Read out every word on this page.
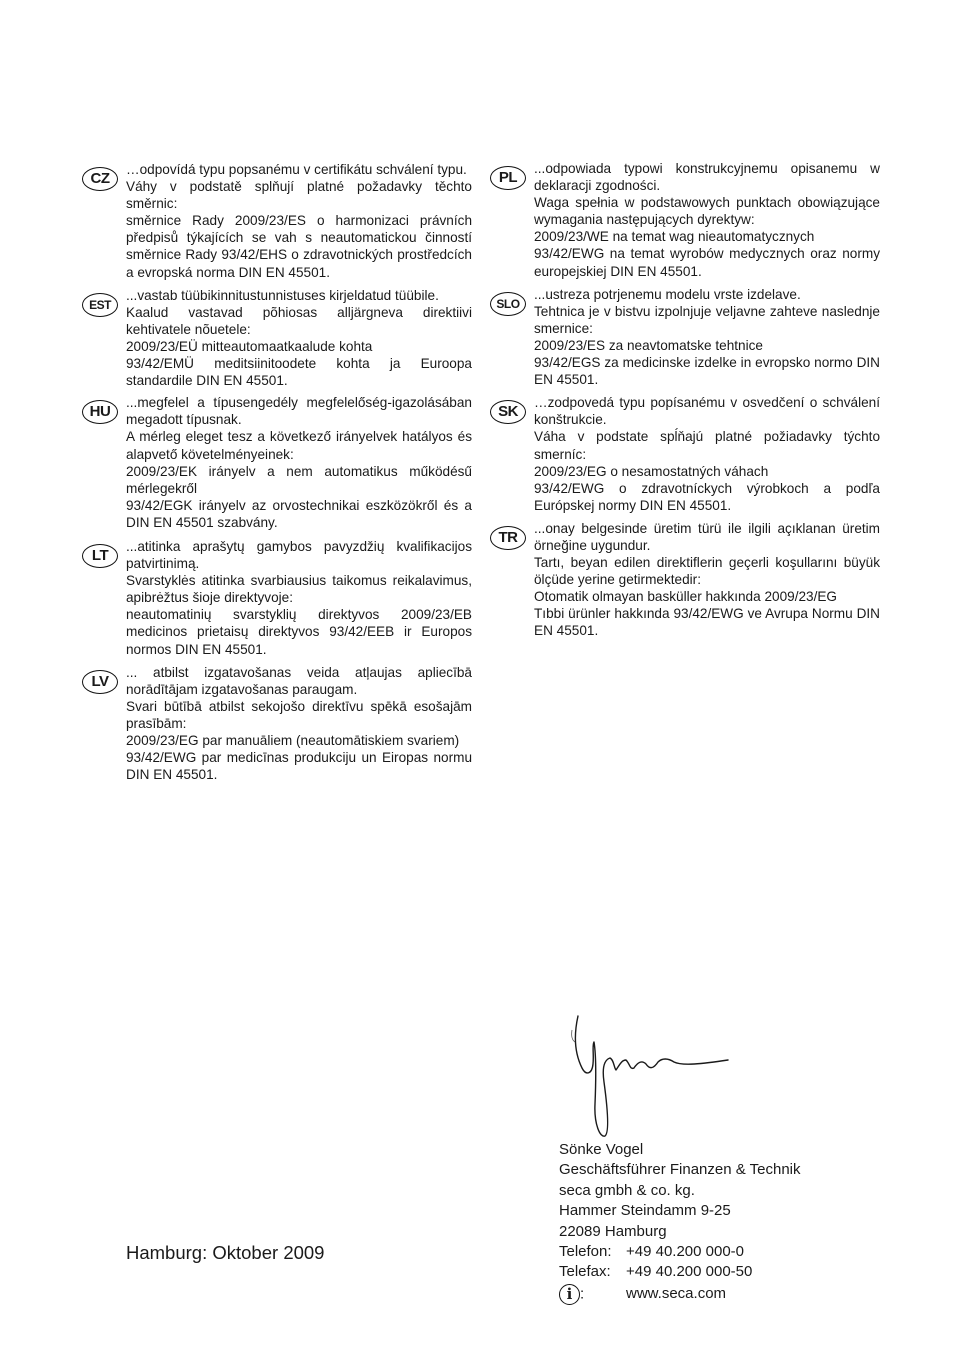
CZ

…odpovídá typu popsanému v certifikátu schválení typu.

Váhy v podstatě splňují platné požadavky těchto směrnic:

směrnice Rady 2009/23/ES o harmonizaci právních předpisů týkajících se vah s neautomatickou činností směrnice Rady 93/42/EHS o zdravotnických prostředcích a evropská norma DIN EN 45501.

EST

...vastab tüübikinnitustunnistuses kirjeldatud tüübile.

Kaalud vastavad põhiosas alljärgneva direktiivi kehtivatele nõuetele:

2009/23/EÜ mitteautomaatkaalude kohta

93/42/EMÜ meditsiinitoodete kohta ja Euroopa standardile DIN EN 45501.

HU

...megfelel a típusengedély megfelelőség-igazolásában megadott típusnak.

A mérleg eleget tesz a következő irányelvek hatályos és alapvető követelményeinek:

2009/23/EK irányelv a nem automatikus működésű mérlegekről

93/42/EGK irányelv az orvostechnikai eszközökről és a DIN EN 45501 szabvány.

LT

...atitinka aprašytų gamybos pavyzdžių kvalifikacijos patvirtinimą.

Svarstyklės atitinka svarbiausius taikomus reikalavimus, apibrėžtus šioje direktyvoje:

neautomatinių svarstyklių direktyvos 2009/23/EB medicinos prietaisų direktyvos 93/42/EEB ir Europos normos DIN EN 45501.

LV

... atbilst izgatavošanas veida atļaujas apliecībā norādītājam izgatavošanas paraugam.

Svari būtībā atbilst sekojošo direktīvu spēkā esošajām prasībām:

2009/23/EG par manuāliem (neautomātiskiem svariem)

93/42/EWG par medicīnas produkciju un Eiropas normu DIN EN 45501.

PL

...odpowiada typowi konstrukcyjnemu opisanemu w deklaracji zgodności.

Waga spełnia w podstawowych punktach obowiązujące wymagania następujących dyrektyw:

2009/23/WE na temat wag nieautomatycznych

93/42/EWG na temat wyrobów medycznych oraz normy europejskiej DIN EN 45501.

SLO

...ustreza potrjenemu modelu vrste izdelave.

Tehtnica je v bistvu izpolnjuje veljavne zahteve naslednje smernice:

2009/23/ES za neavtomatske tehtnice

93/42/EGS za medicinske izdelke in evropsko normo DIN EN 45501.

SK

…zodpovedá typu popísanému v osvedčení o schválení konštrukcie.

Váha v podstate spĺňajú platné požiadavky týchto smerníc:

2009/23/EG o nesamostatných váhach

93/42/EWG o zdravotníckych výrobkoch a podľa Európskej normy DIN EN 45501.

TR

...onay belgesinde üretim türü ile ilgili açıklanan üretim örneğine uygundur.

Tartı, beyan edilen direktiflerin geçerli koşullarını büyük ölçüde yerine getirmektedir:

Otomatik olmayan basküller hakkında 2009/23/EG

Tıbbi ürünler hakkında 93/42/EWG ve Avrupa Normu DIN EN 45501.

Hamburg: Oktober 2009
Sönke Vogel
Geschäftsführer Finanzen & Technik
seca gmbh & co. kg.
Hammer Steindamm 9-25
22089 Hamburg
Telefon: +49 40.200 000-0
Telefax:	+49 40.200 000-50
i :	www.seca.com
